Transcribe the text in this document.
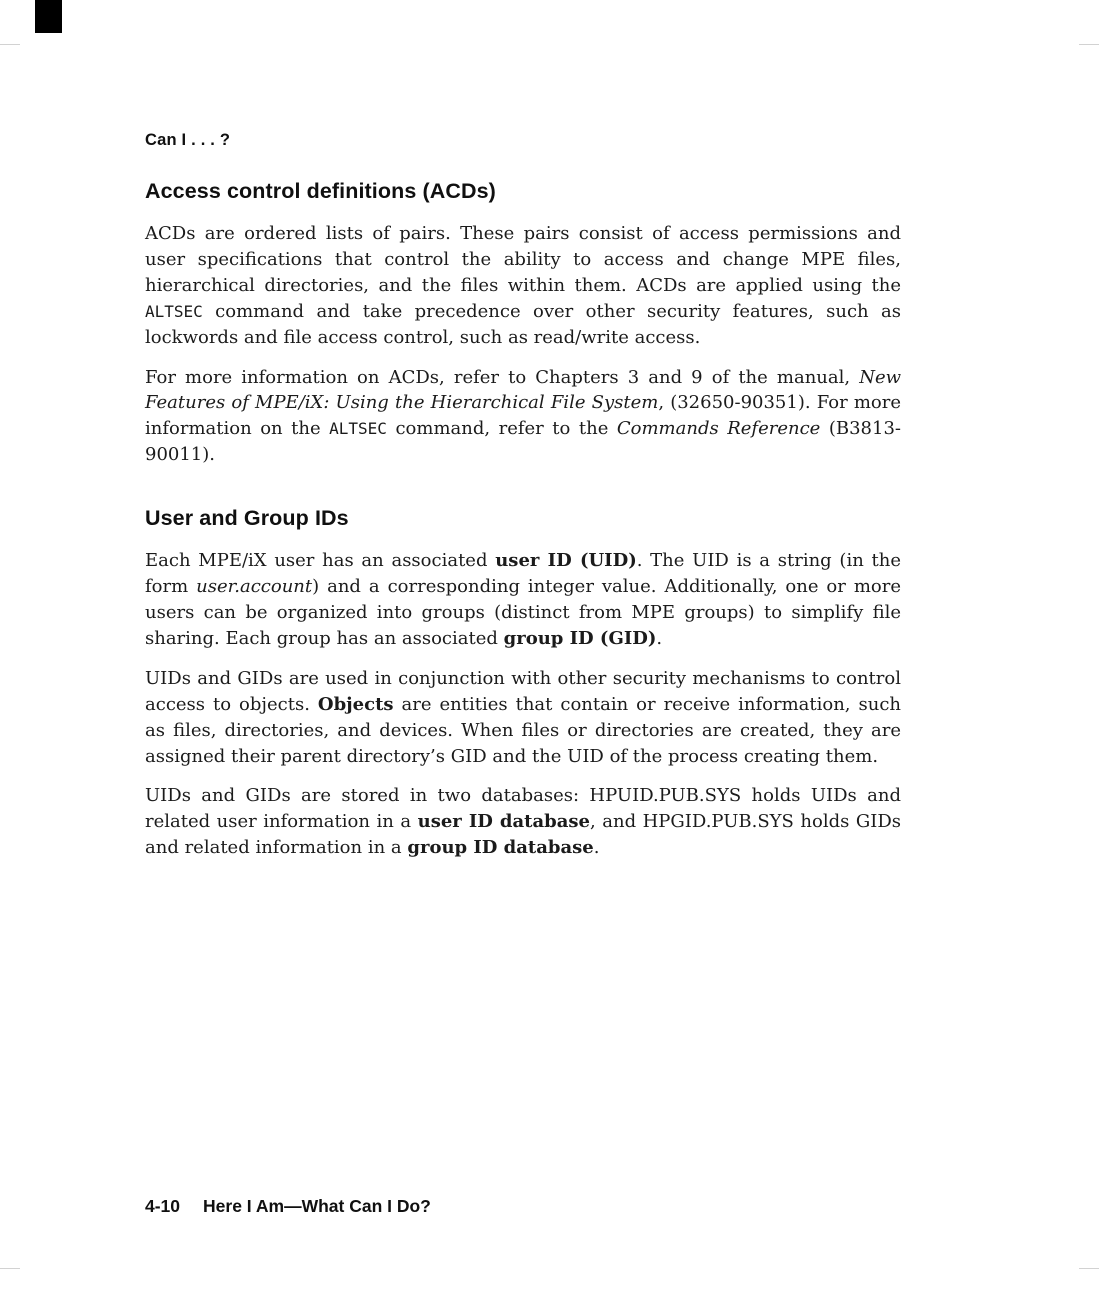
Can I . . . ?
Access control definitions (ACDs)

ACDs are ordered lists of pairs. These pairs consist of access permissions and user specifications that control the ability to access and change MPE files, hierarchical directories, and the files within them. ACDs are applied using the ALTSEC command and take precedence over other security features, such as lockwords and file access control, such as read/write access.

For more information on ACDs, refer to Chapters 3 and 9 of the manual, New Features of MPE/iX: Using the Hierarchical File System, (32650-90351). For more information on the ALTSEC command, refer to the Commands Reference (B3813-90011).

User and Group IDs

Each MPE/iX user has an associated user ID (UID). The UID is a string (in the form user.account) and a corresponding integer value. Additionally, one or more users can be organized into groups (distinct from MPE groups) to simplify file sharing. Each group has an associated group ID (GID).

UIDs and GIDs are used in conjunction with other security mechanisms to control access to objects. Objects are entities that contain or receive information, such as files, directories, and devices. When files or directories are created, they are assigned their parent directory’s GID and the UID of the process creating them.

UIDs and GIDs are stored in two databases: HPUID.PUB.SYS holds UIDs and related user information in a user ID database, and HPGID.PUB.SYS holds GIDs and related information in a group ID database.

4-10 Here I Am—What Can I Do?
